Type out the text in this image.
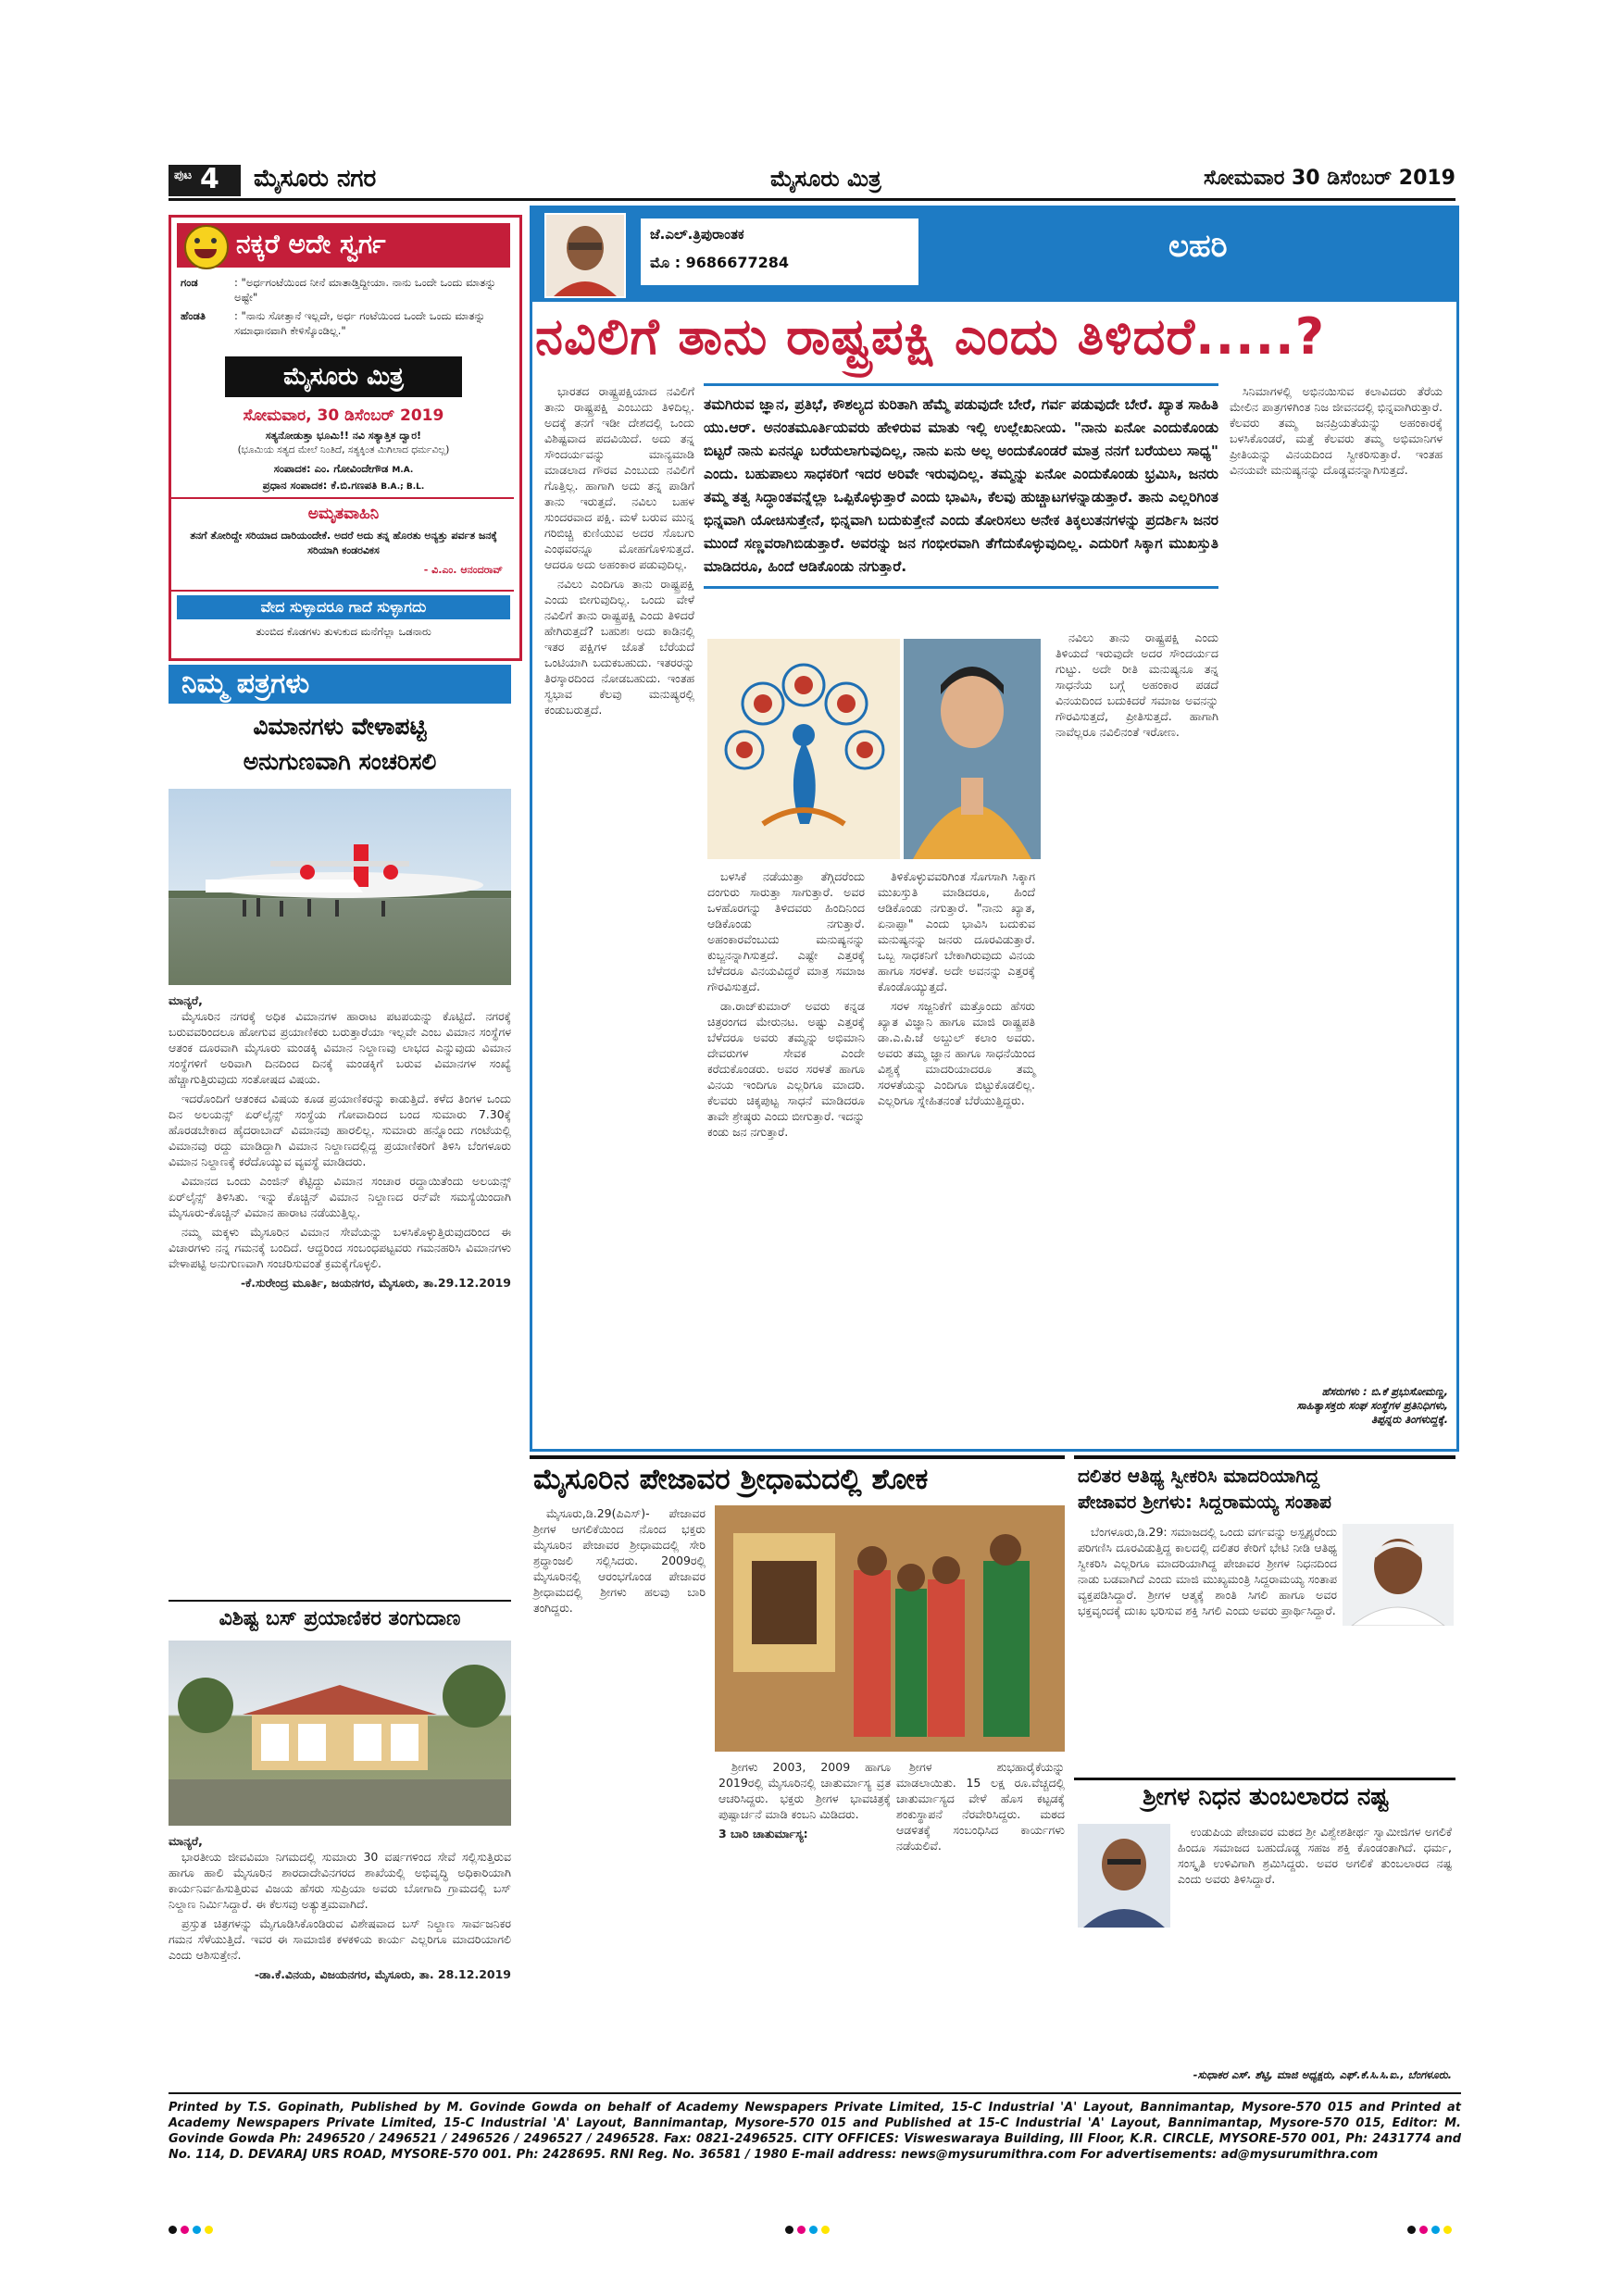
ಪುಟ 4 ಮೈಸೂರು ನಗರ	ಮೈಸೂರು ಮಿತ್ರ	ಸೋಮವಾರ 30 ಡಿಸೆಂಬರ್ 2019
ನಕ್ಕರೆ ಅದೇ ಸ್ವರ್ಗ
ಗಂಡ	: "ಅರ್ಧಗಂಟೆಯಿಂದ ನೀನೆ ಮಾತಾಡ್ತಿದ್ದೀಯಾ. ನಾನು ಒಂದೇ ಒಂದು ಮಾತನ್ನು ಅಷ್ಟೇ"
ಹೆಂಡತಿ	: "ನಾನು ಸೋತ್ತಾನೆ ಇಲ್ಲದೇ, ಅರ್ಧ ಗಂಟೆಯಿಂದ ಒಂದೇ ಒಂದು ಮಾತನ್ನು ಸಮಾಧಾನವಾಗಿ ಕೇಳಿಸ್ಕೊಂಡಿಲ್ಲ."
ಮೈಸೂರು ಮಿತ್ರ
ಸೋಮವಾರ, 30 ಡಿಸೆಂಬರ್ 2019
ಸತ್ಯನೋಡುತ್ತಾ ಭೂಮಿ!! ನವಿ ಸತ್ಯಾತ್ತಿತ ದ್ವಾರ!
(ಭೂಮಿಯ ಸತ್ಯದ ಮೇಲೆ ನಿಂತಿದೆ, ಸತ್ಯಕ್ಕಿಂತ ಮಿಗಿಲಾದ ಧರ್ಮವಿಲ್ಲ)
ಸಂಪಾದಕ: ಎಂ. ಗೋವಿಂದೇಗೌಡ M.A.
ಪ್ರಧಾನ ಸಂಪಾದಕ: ಕೆ.ಬಿ.ಗಣಪತಿ B.A.; B.L.
ಅಮೃತವಾಹಿನಿ
ತನಗೆ ತೋರಿದ್ದೇ ಸರಿಯಾದ ದಾರಿಯಂದೇಕೆ. ಅದರೆ ಅದು ತನ್ನ ಹೊರತು ಅನ್ಯತ್ತು ಪರ್ವತ ಜನಕ್ಕೆ ಸರಿಯಾಗಿ ಕಂಡರವಿಕಸ
- ವಿ.ಎಂ. ಆನಂದರಾವ್
ವೇದ ಸುಳ್ಳಾದರೂ ಗಾದೆ ಸುಳ್ಳಾಗದು
ತುಂಬಿದ ಕೊಡಗಳು ತುಳುಕುದ ಮನೆಗೆಲ್ಲಾ ಒಡನಾರು
ನಿಮ್ಮ ಪತ್ರಗಳು
ವಿಮಾನಗಳು ವೇಳಾಪಟ್ಟಿ
ಅನುಗುಣವಾಗಿ ಸಂಚರಿಸಲಿ
ಮಾನ್ಯರೆ,

ಮೈಸೂರಿನ ನಗರಕ್ಕೆ ಅಧಿಕ ವಿಮಾನಗಳ ಹಾರಾಟ ಪಟಪಯನ್ನು ಕೊಟ್ಟಿದೆ. ನಗರಕ್ಕೆ ಬರುವವರಿಂದಲೂ ಹೋಗುವ ಪ್ರಯಾಣಿಕರು ಬರುತ್ತಾರೆಯಾ ಇಲ್ಲವೇ ಎಂಬ ವಿಮಾನ ಸಂಸ್ಥೆಗಳ ಆತಂಕ ದೂರವಾಗಿ ಮೈಸೂರು ಮಂಡಕ್ಕಿ ವಿಮಾನ ನಿಲ್ದಾಣವು ಲಾಭದ ಎನ್ನುವುದು ವಿಮಾನ ಸಂಸ್ಥೆಗಳಿಗೆ ಅರಿವಾಗಿ ದಿನದಿಂದ ದಿನಕ್ಕೆ ಮಂಡಕ್ಕಿಗೆ ಬರುವ ವಿಮಾನಗಳ ಸಂಖ್ಯೆ ಹೆಚ್ಚಾಗುತ್ತಿರುವುದು ಸಂತೋಷದ ವಿಷಯ.

ಇದರೊಂದಿಗೆ ಆತಂಕದ ವಿಷಯ ಕೂಡ ಪ್ರಯಾಣಿಕರನ್ನು ಕಾಡುತ್ತಿದೆ. ಕಳೆದ ತಿಂಗಳ ಒಂದು ದಿನ ಅಲಯನ್ಸ್ ಏರ್‌ಲೈನ್ಸ್ ಸಂಸ್ಥೆಯ ಗೋವಾದಿಂದ ಬಂದ ಸುಮಾರು 7.30ಕ್ಕೆ ಹೊರಡಬೇಕಾದ ಹೈದರಾಬಾದ್ ವಿಮಾನವು ಹಾರಲಿಲ್ಲ. ಸುಮಾರು ಹನ್ನೊಂದು ಗಂಟೆಯಲ್ಲಿ ವಿಮಾನವು ರದ್ದು ಮಾಡಿದ್ದಾಗಿ ವಿಮಾನ ನಿಲ್ದಾಣದಲ್ಲಿದ್ದ ಪ್ರಯಾಣಿಕರಿಗೆ ತಿಳಿಸಿ ಬೆಂಗಳೂರು ವಿಮಾನ ನಿಲ್ದಾಣಕ್ಕೆ ಕರೆದೊಯ್ಯುವ ವ್ಯವಸ್ಥೆ ಮಾಡಿದರು.

ವಿಮಾನದ ಒಂದು ಎಂಜಿನ್ ಕೆಟ್ಟಿದ್ದು ವಿಮಾನ ಸಂಚಾರ ರದ್ದಾಯಿತೆಂದು ಅಲಯನ್ಸ್ ಏರ್‌ಲೈನ್ಸ್ ತಿಳಿಸಿತು. ಇನ್ನು ಕೊಚ್ಚಿನ್ ವಿಮಾನ ನಿಲ್ದಾಣದ ರನ್‌ವೇ ಸಮಸ್ಯೆಯಿಂದಾಗಿ ಮೈಸೂರು-ಕೊಚ್ಚಿನ್ ವಿಮಾನ ಹಾರಾಟ ನಡೆಯುತ್ತಿಲ್ಲ.

ನಮ್ಮ ಮಕ್ಕಳು ಮೈಸೂರಿನ ವಿಮಾನ ಸೇವೆಯನ್ನು ಬಳಸಿಕೊಳ್ಳುತ್ತಿರುವುದರಿಂದ ಈ ವಿಚಾರಗಳು ನನ್ನ ಗಮನಕ್ಕೆ ಬಂದಿದೆ. ಆದ್ದರಿಂದ ಸಂಬಂಧಪಟ್ಟವರು ಗಮನಹರಿಸಿ ವಿಮಾನಗಳು ವೇಳಾಪಟ್ಟಿ ಅನುಗುಣವಾಗಿ ಸಂಚರಿಸುವಂತೆ ಕ್ರಮಕೈಗೊಳ್ಳಲಿ.

-ಕೆ.ಸುರೇಂದ್ರ ಮೂರ್ತಿ, ಜಯನಗರ, ಮೈಸೂರು, ತಾ.29.12.2019
ವಿಶಿಷ್ಟ ಬಸ್ ಪ್ರಯಾಣಿಕರ ತಂಗುದಾಣ
ಮಾನ್ಯರೆ,

ಭಾರತೀಯ ಜೀವವಿಮಾ ನಿಗಮದಲ್ಲಿ ಸುಮಾರು 30 ವರ್ಷಗಳಿಂದ ಸೇವೆ ಸಲ್ಲಿಸುತ್ತಿರುವ ಹಾಗೂ ಹಾಲಿ ಮೈಸೂರಿನ ಶಾರದಾದೇವಿನಗರದ ಶಾಖೆಯಲ್ಲಿ ಅಭಿವೃದ್ಧಿ ಅಧಿಕಾರಿಯಾಗಿ ಕಾರ್ಯನಿರ್ವಹಿಸುತ್ತಿರುವ ವಿಜಯ ಹೆಸರು ಸುಪ್ರಿಯಾ ಅವರು ಬೋಗಾದಿ ಗ್ರಾಮದಲ್ಲಿ ಬಸ್ ನಿಲ್ದಾಣ ನಿರ್ಮಿಸಿದ್ದಾರೆ. ಈ ಕೆಲಸವು ಅತ್ಯುತ್ತಮವಾಗಿದೆ.

ಪ್ರಸ್ತುತ ಚಿತ್ರಗಳನ್ನು ಮೈಗೂಡಿಸಿಕೊಂಡಿರುವ ವಿಶೇಷವಾದ ಬಸ್ ನಿಲ್ದಾಣ ಸಾರ್ವಜನಿಕರ ಗಮನ ಸೆಳೆಯುತ್ತಿದೆ. ಇವರ ಈ ಸಾಮಾಜಿಕ ಕಳಕಳಿಯ ಕಾರ್ಯ ಎಲ್ಲರಿಗೂ ಮಾದರಿಯಾಗಲಿ ಎಂದು ಆಶಿಸುತ್ತೇನೆ.

-ಡಾ.ಕೆ.ವಿನಯ, ವಿಜಯನಗರ, ಮೈಸೂರು, ತಾ. 28.12.2019
ಜೆ.ಎಲ್.ತ್ರಿಪುರಾಂತಕ
ಮೊ : 9686677284	ಲಹರಿ
ನವಿಲಿಗೆ ತಾನು ರಾಷ್ಟ್ರಪಕ್ಷಿ ಎಂದು ತಿಳಿದರೆ.....?
ತಮಗಿರುವ ಜ್ಞಾನ, ಪ್ರತಿಭೆ, ಕೌಶಲ್ಯದ ಕುರಿತಾಗಿ ಹೆಮ್ಮೆ ಪಡುವುದೇ ಬೇರೆ, ಗರ್ವ ಪಡುವುದೇ ಬೇರೆ. ಖ್ಯಾತ ಸಾಹಿತಿ ಯು.ಆರ್. ಅನಂತಮೂರ್ತಿಯವರು ಹೇಳಿರುವ ಮಾತು ಇಲ್ಲಿ ಉಲ್ಲೇಖನೀಯ. "ನಾನು ಏನೋ ಎಂದುಕೊಂಡು ಬಿಟ್ಟರೆ ನಾನು ಏನನ್ನೂ ಬರೆಯಲಾಗುವುದಿಲ್ಲ, ನಾನು ಏನು ಅಲ್ಲ ಅಂದುಕೊಂಡರೆ ಮಾತ್ರ ನನಗೆ ಬರೆಯಲು ಸಾಧ್ಯ" ಎಂದು. ಬಹುಪಾಲು ಸಾಧಕರಿಗೆ ಇದರ ಅರಿವೇ ಇರುವುದಿಲ್ಲ. ತಮ್ಮನ್ನು ಏನೋ ಎಂದುಕೊಂಡು ಭ್ರಮಿಸಿ, ಜನರು ತಮ್ಮ ತತ್ವ ಸಿದ್ಧಾಂತವನ್ನೆಲ್ಲಾ ಒಪ್ಪಿಕೊಳ್ಳುತ್ತಾರೆ ಎಂದು ಭಾವಿಸಿ, ಕೆಲವು ಹುಚ್ಚಾಟಗಳನ್ನಾಡುತ್ತಾರೆ. ತಾನು ಎಲ್ಲರಿಗಿಂತ ಭಿನ್ನವಾಗಿ ಯೋಚಿಸುತ್ತೇನೆ, ಭಿನ್ನವಾಗಿ ಬದುಕುತ್ತೇನೆ ಎಂದು ತೋರಿಸಲು ಅನೇಕ ತಿಕ್ಕಲುತನಗಳನ್ನು ಪ್ರದರ್ಶಿಸಿ ಜನರ ಮುಂದೆ ಸಣ್ಣವರಾಗಿಬಿಡುತ್ತಾರೆ. ಅವರನ್ನು ಜನ ಗಂಭೀರವಾಗಿ ತೆಗೆದುಕೊಳ್ಳುವುದಿಲ್ಲ. ಎದುರಿಗೆ ಸಿಕ್ಕಾಗ ಮುಖಸ್ತುತಿ ಮಾಡಿದರೂ, ಹಿಂದೆ ಆಡಿಕೊಂಡು ನಗುತ್ತಾರೆ.

ಭಾರತದ ರಾಷ್ಟ್ರಪಕ್ಷಿಯಾದ ನವಿಲಿಗೆ ತಾನು ರಾಷ್ಟ್ರಪಕ್ಷಿ ಎಂಬುದು ತಿಳಿದಿಲ್ಲ. ಅದಕ್ಕೆ ತನಗೆ ಇಡೀ ದೇಶದಲ್ಲಿ ಒಂದು ವಿಶಿಷ್ಟವಾದ ಪದವಿಯಿದೆ. ಅದು ತನ್ನ ಸೌಂದರ್ಯವನ್ನು ಮಾನ್ಯಮಾಡಿ ಮಾಡಲಾದ ಗೌರವ ಎಂಬುದು ನವಿಲಿಗೆ ಗೊತ್ತಿಲ್ಲ. ಹಾಗಾಗಿ ಅದು ತನ್ನ ಪಾಡಿಗೆ ತಾನು ಇರುತ್ತದೆ. ನವಿಲು ಬಹಳ ಸುಂದರವಾದ ಪಕ್ಷಿ. ಮಳೆ ಬರುವ ಮುನ್ನ ಗರಿಬಿಚ್ಚಿ ಕುಣಿಯುವ ಅದರ ಸೊಬಗು ಎಂಥವರನ್ನೂ ಮೋಹಗೊಳಿಸುತ್ತದೆ. ಆದರೂ ಅದು ಅಹಂಕಾರ ಪಡುವುದಿಲ್ಲ.

ನವಿಲು ಎಂದಿಗೂ ತಾನು ರಾಷ್ಟ್ರಪಕ್ಷಿ ಎಂದು ಬೀಗುವುದಿಲ್ಲ. ಒಂದು ವೇಳೆ ನವಿಲಿಗೆ ತಾನು ರಾಷ್ಟ್ರಪಕ್ಷಿ ಎಂದು ತಿಳಿದರೆ ಹೇಗಿರುತ್ತದೆ? ಬಹುಶಃ ಅದು ಕಾಡಿನಲ್ಲಿ ಇತರ ಪಕ್ಷಿಗಳ ಜೊತೆ ಬೆರೆಯದೆ ಒಂಟಿಯಾಗಿ ಬದುಕಬಹುದು. ಇತರರನ್ನು ತಿರಸ್ಕಾರದಿಂದ ನೋಡಬಹುದು. ಇಂತಹ ಸ್ವಭಾವ ಕೆಲವು ಮನುಷ್ಯರಲ್ಲಿ ಕಂಡುಬರುತ್ತದೆ.

ಸಿನಿಮಾಗಳಲ್ಲಿ ಅಭಿನಯಿಸುವ ಕಲಾವಿದರು ತೆರೆಯ ಮೇಲಿನ ಪಾತ್ರಗಳಿಗಿಂತ ನಿಜ ಜೀವನದಲ್ಲಿ ಭಿನ್ನವಾಗಿರುತ್ತಾರೆ. ಕೆಲವರು ತಮ್ಮ ಜನಪ್ರಿಯತೆಯನ್ನು ಅಹಂಕಾರಕ್ಕೆ ಬಳಸಿಕೊಂಡರೆ, ಮತ್ತೆ ಕೆಲವರು ತಮ್ಮ ಅಭಿಮಾನಿಗಳ ಪ್ರೀತಿಯನ್ನು ವಿನಯದಿಂದ ಸ್ವೀಕರಿಸುತ್ತಾರೆ. ಇಂತಹ ವಿನಯವೇ ಮನುಷ್ಯನನ್ನು ದೊಡ್ಡವನನ್ನಾಗಿಸುತ್ತದೆ.

ಬಳಸಿಕೆ ನಡೆಯುತ್ತಾ ತೆಗ್ಗಿದರೆಂದು ದಂಗುರು ಸಾರುತ್ತಾ ಸಾಗುತ್ತಾರೆ. ಅವರ ಒಳಹೊರಗನ್ನು ತಿಳಿದವರು ಹಿಂದಿನಿಂದ ಆಡಿಕೊಂಡು ನಗುತ್ತಾರೆ. ಅಹಂಕಾರವೆಂಬುದು ಮನುಷ್ಯನನ್ನು ಕುಬ್ಜನನ್ನಾಗಿಸುತ್ತದೆ. ಎಷ್ಟೇ ಎತ್ತರಕ್ಕೆ ಬೆಳೆದರೂ ವಿನಯವಿದ್ದರೆ ಮಾತ್ರ ಸಮಾಜ ಗೌರವಿಸುತ್ತದೆ.

ಡಾ.ರಾಜ್‌ಕುಮಾರ್ ಅವರು ಕನ್ನಡ ಚಿತ್ರರಂಗದ ಮೇರುನಟ. ಅಷ್ಟು ಎತ್ತರಕ್ಕೆ ಬೆಳೆದರೂ ಅವರು ತಮ್ಮನ್ನು ಅಭಿಮಾನಿ ದೇವರುಗಳ ಸೇವಕ ಎಂದೇ ಕರೆದುಕೊಂಡರು. ಅವರ ಸರಳತೆ ಹಾಗೂ ವಿನಯ ಇಂದಿಗೂ ಎಲ್ಲರಿಗೂ ಮಾದರಿ. ಕೆಲವರು ಚಿಕ್ಕಪುಟ್ಟ ಸಾಧನೆ ಮಾಡಿದರೂ ತಾವೇ ಶ್ರೇಷ್ಠರು ಎಂದು ಬೀಗುತ್ತಾರೆ. ಇದನ್ನು ಕಂಡು ಜನ ನಗುತ್ತಾರೆ.

ತಿಳಿಕೊಳ್ಳುವವರಿಗಿಂತ ಸೊಗಸಾಗಿ ಸಿಕ್ಕಾಗ ಮುಖಸ್ತುತಿ ಮಾಡಿದರೂ, ಹಿಂದೆ ಆಡಿಕೊಂಡು ನಗುತ್ತಾರೆ. "ನಾನು ಖ್ಯಾತ, ಏನಾಪ್ಪಾ" ಎಂದು ಭಾವಿಸಿ ಬದುಕುವ ಮನುಷ್ಯನನ್ನು ಜನರು ದೂರವಿಡುತ್ತಾರೆ. ಒಬ್ಬ ಸಾಧಕನಿಗೆ ಬೇಕಾಗಿರುವುದು ವಿನಯ ಹಾಗೂ ಸರಳತೆ. ಅದೇ ಅವನನ್ನು ಎತ್ತರಕ್ಕೆ ಕೊಂಡೊಯ್ಯುತ್ತದೆ.

ಸರಳ ಸಜ್ಜನಿಕೆಗೆ ಮತ್ತೊಂದು ಹೆಸರು ಖ್ಯಾತ ವಿಜ್ಞಾನಿ ಹಾಗೂ ಮಾಜಿ ರಾಷ್ಟ್ರಪತಿ ಡಾ.ಎ.ಪಿ.ಜೆ ಅಬ್ದುಲ್ ಕಲಾಂ ಅವರು. ಅವರು ತಮ್ಮ ಜ್ಞಾನ ಹಾಗೂ ಸಾಧನೆಯಿಂದ ವಿಶ್ವಕ್ಕೆ ಮಾದರಿಯಾದರೂ ತಮ್ಮ ಸರಳತೆಯನ್ನು ಎಂದಿಗೂ ಬಿಟ್ಟುಕೊಡಲಿಲ್ಲ. ಎಲ್ಲರಿಗೂ ಸ್ನೇಹಿತನಂತೆ ಬೆರೆಯುತ್ತಿದ್ದರು.

ನವಿಲು ತಾನು ರಾಷ್ಟ್ರಪಕ್ಷಿ ಎಂದು ತಿಳಿಯದೆ ಇರುವುದೇ ಅದರ ಸೌಂದರ್ಯದ ಗುಟ್ಟು. ಅದೇ ರೀತಿ ಮನುಷ್ಯನೂ ತನ್ನ ಸಾಧನೆಯ ಬಗ್ಗೆ ಅಹಂಕಾರ ಪಡದೆ ವಿನಯದಿಂದ ಬದುಕಿದರೆ ಸಮಾಜ ಅವನನ್ನು ಗೌರವಿಸುತ್ತದೆ, ಪ್ರೀತಿಸುತ್ತದೆ. ಹಾಗಾಗಿ ನಾವೆಲ್ಲರೂ ನವಿಲಿನಂತೆ ಇರೋಣ.

ಹೆಸರುಗಳು : ಬಿ.ಕೆ ಪ್ರಭುಸೋಮಣ್ಣ,
ಸಾಹಿತ್ಯಾಸಕ್ತರು ಸಂಘ ಸಂಸ್ಥೆಗಳ ಪ್ರತಿನಿಧಿಗಳು,
ತಿಪ್ಪನ್ನರು ತಿಂಗಳುದ್ದಕ್ಕೆ.
ಮೈಸೂರಿನ ಪೇಜಾವರ ಶ್ರೀಧಾಮದಲ್ಲಿ ಶೋಕ

ಮೈಸೂರು,ಡಿ.29(ಪಿಎಸ್)- ಪೇಜಾವರ ಶ್ರೀಗಳ ಆಗಲಿಕೆಯಿಂದ ನೊಂದ ಭಕ್ತರು ಮೈಸೂರಿನ ಪೇಜಾವರ ಶ್ರೀಧಾಮದಲ್ಲಿ ಸೇರಿ ಶ್ರದ್ಧಾಂಜಲಿ ಸಲ್ಲಿಸಿದರು. 2009ರಲ್ಲಿ ಮೈಸೂರಿನಲ್ಲಿ ಆರಂಭಗೊಂಡ ಪೇಜಾವರ ಶ್ರೀಧಾಮದಲ್ಲಿ ಶ್ರೀಗಳು ಹಲವು ಬಾರಿ ತಂಗಿದ್ದರು.

ಶ್ರೀಗಳು 2003, 2009 ಹಾಗೂ 2019ರಲ್ಲಿ ಮೈಸೂರಿನಲ್ಲಿ ಚಾತುರ್ಮಾಸ್ಯ ವ್ರತ ಆಚರಿಸಿದ್ದರು. ಭಕ್ತರು ಶ್ರೀಗಳ ಭಾವಚಿತ್ರಕ್ಕೆ ಪುಷ್ಪಾರ್ಚನೆ ಮಾಡಿ ಕಂಬನಿ ಮಿಡಿದರು.

3 ಬಾರಿ ಚಾತುರ್ಮಾಸ್ಯ:

ಶ್ರೀಗಳ ಶುಭಹಾರೈಕೆಯನ್ನು ಮಾಡಲಾಯಿತು. 15 ಲಕ್ಷ ರೂ.ವೆಚ್ಚದಲ್ಲಿ ಚಾತುರ್ಮಾಸ್ಯದ ವೇಳೆ ಹೊಸ ಕಟ್ಟಡಕ್ಕೆ ಶಂಕುಸ್ಥಾಪನೆ ನೆರವೇರಿಸಿದ್ದರು. ಮಠದ ಆಡಳಿತಕ್ಕೆ ಸಂಬಂಧಿಸಿದ ಕಾರ್ಯಗಳು ನಡೆಯಲಿವೆ.

ದಲಿತರ ಆತಿಥ್ಯ ಸ್ವೀಕರಿಸಿ ಮಾದರಿಯಾಗಿದ್ದ
ಪೇಜಾವರ ಶ್ರೀಗಳು: ಸಿದ್ದರಾಮಯ್ಯ ಸಂತಾಪ

ಬೆಂಗಳೂರು,ಡಿ.29: ಸಮಾಜದಲ್ಲಿ ಒಂದು ವರ್ಗವನ್ನು ಅಸ್ಪೃಶ್ಯರೆಂದು ಪರಿಗಣಿಸಿ ದೂರವಿಡುತ್ತಿದ್ದ ಕಾಲದಲ್ಲಿ ದಲಿತರ ಕೇರಿಗೆ ಭೇಟಿ ನೀಡಿ ಆತಿಥ್ಯ ಸ್ವೀಕರಿಸಿ ಎಲ್ಲರಿಗೂ ಮಾದರಿಯಾಗಿದ್ದ ಪೇಜಾವರ ಶ್ರೀಗಳ ನಿಧನದಿಂದ ನಾಡು ಬಡವಾಗಿದೆ ಎಂದು ಮಾಜಿ ಮುಖ್ಯಮಂತ್ರಿ ಸಿದ್ದರಾಮಯ್ಯ ಸಂತಾಪ ವ್ಯಕ್ತಪಡಿಸಿದ್ದಾರೆ. ಶ್ರೀಗಳ ಆತ್ಮಕ್ಕೆ ಶಾಂತಿ ಸಿಗಲಿ ಹಾಗೂ ಅವರ ಭಕ್ತವೃಂದಕ್ಕೆ ದುಃಖ ಭರಿಸುವ ಶಕ್ತಿ ಸಿಗಲಿ ಎಂದು ಅವರು ಪ್ರಾರ್ಥಿಸಿದ್ದಾರೆ.

ಶ್ರೀಗಳ ನಿಧನ ತುಂಬಲಾರದ ನಷ್ಟ

ಉಡುಪಿಯ ಪೇಜಾವರ ಮಠದ ಶ್ರೀ ವಿಶ್ವೇಶತೀರ್ಥ ಸ್ವಾಮೀಜಿಗಳ ಅಗಲಿಕೆ ಹಿಂದೂ ಸಮಾಜದ ಬಹುದೊಡ್ಡ ಸಹಜ ಶಕ್ತಿ ಕೊಂಡಂತಾಗಿದೆ. ಧರ್ಮ, ಸಂಸ್ಕೃತಿ ಉಳಿವಿಗಾಗಿ ಶ್ರಮಿಸಿದ್ದರು. ಅವರ ಅಗಲಿಕೆ ತುಂಬಲಾರದ ನಷ್ಟ ಎಂದು ಅವರು ತಿಳಿಸಿದ್ದಾರೆ.

-ಸುಧಾಕರ ಎಸ್. ಶೆಟ್ಟಿ, ಮಾಜಿ ಅಧ್ಯಕ್ಷರು, ಎಫ್.ಕೆ.ಸಿ.ಸಿ.ಐ., ಬೆಂಗಳೂರು.
Printed by T.S. Gopinath, Published by M. Govinde Gowda on behalf of Academy Newspapers Private Limited, 15-C Industrial 'A' Layout, Bannimantap, Mysore-570 015 and Printed at Academy Newspapers Private Limited, 15-C Industrial 'A' Layout, Bannimantap, Mysore-570 015 and Published at 15-C Industrial 'A' Layout, Bannimantap, Mysore-570 015, Editor: M. Govinde Gowda Ph: 2496520 / 2496521 / 2496526 / 2496527 / 2496528. Fax: 0821-2496525. CITY OFFICES: Visweswaraya Building, III Floor, K.R. CIRCLE, MYSORE-570 001, Ph: 2431774 and No. 114, D. DEVARAJ URS ROAD, MYSORE-570 001. Ph: 2428695. RNI Reg. No. 36581 / 1980 E-mail address: news@mysurumithra.com For advertisements: ad@mysurumithra.com
